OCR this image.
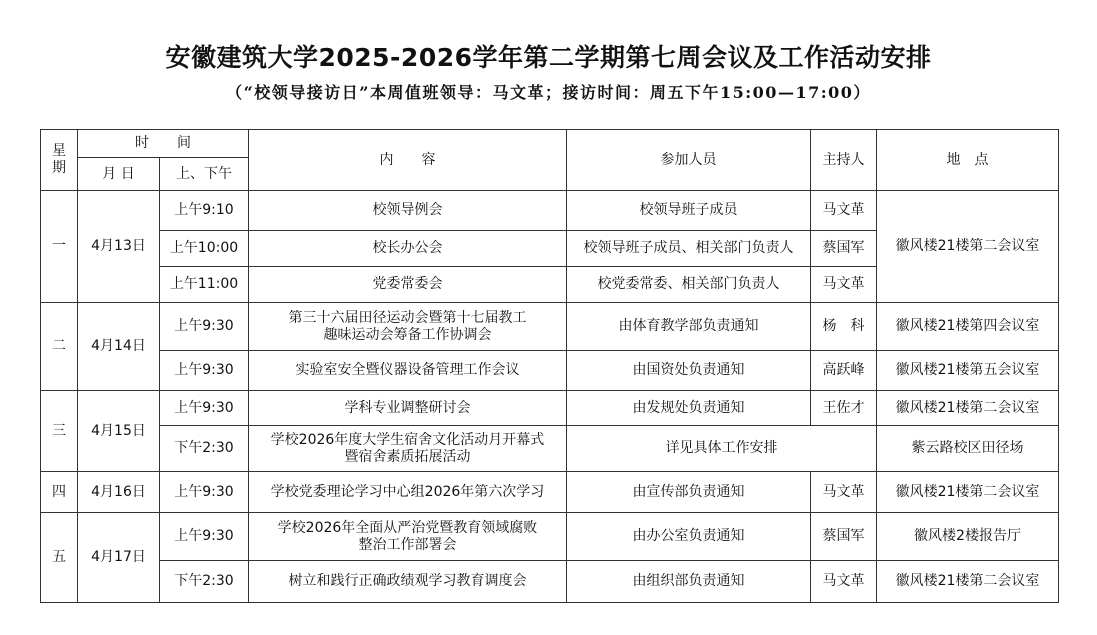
安徽建筑大学2025-2026学年第二学期第七周会议及工作活动安排
（“校领导接访日”本周值班领导：马文革；接访时间：周五下午15:00—17:00）
星
期	时　　间		内　　容	参加人员	主持人	地　点
	月 日	上、下午				
一	4月13日	上午9:10	校领导例会	校领导班子成员	马文革	徽风楼21楼第二会议室
		上午10:00	校长办公会	校领导班子成员、相关部门负责人	蔡国军	
		上午11:00	党委常委会	校党委常委、相关部门负责人	马文革	
二	4月14日	上午9:30	第三十六届田径运动会暨第十七届教工
趣味运动会筹备工作协调会	由体育教学部负责通知	杨　科	徽风楼21楼第四会议室
		上午9:30	实验室安全暨仪器设备管理工作会议	由国资处负责通知	高跃峰	徽风楼21楼第五会议室
三	4月15日	上午9:30	学科专业调整研讨会	由发规处负责通知	王佐才	徽风楼21楼第二会议室
		下午2:30	学校2026年度大学生宿舍文化活动月开幕式
暨宿舍素质拓展活动	详见具体工作安排		紫云路校区田径场
四	4月16日	上午9:30	学校党委理论学习中心组2026年第六次学习	由宣传部负责通知	马文革	徽风楼21楼第二会议室
五	4月17日	上午9:30	学校2026年全面从严治党暨教育领域腐败
整治工作部署会	由办公室负责通知	蔡国军	徽风楼2楼报告厅
		下午2:30	树立和践行正确政绩观学习教育调度会	由组织部负责通知	马文革	徽风楼21楼第二会议室
